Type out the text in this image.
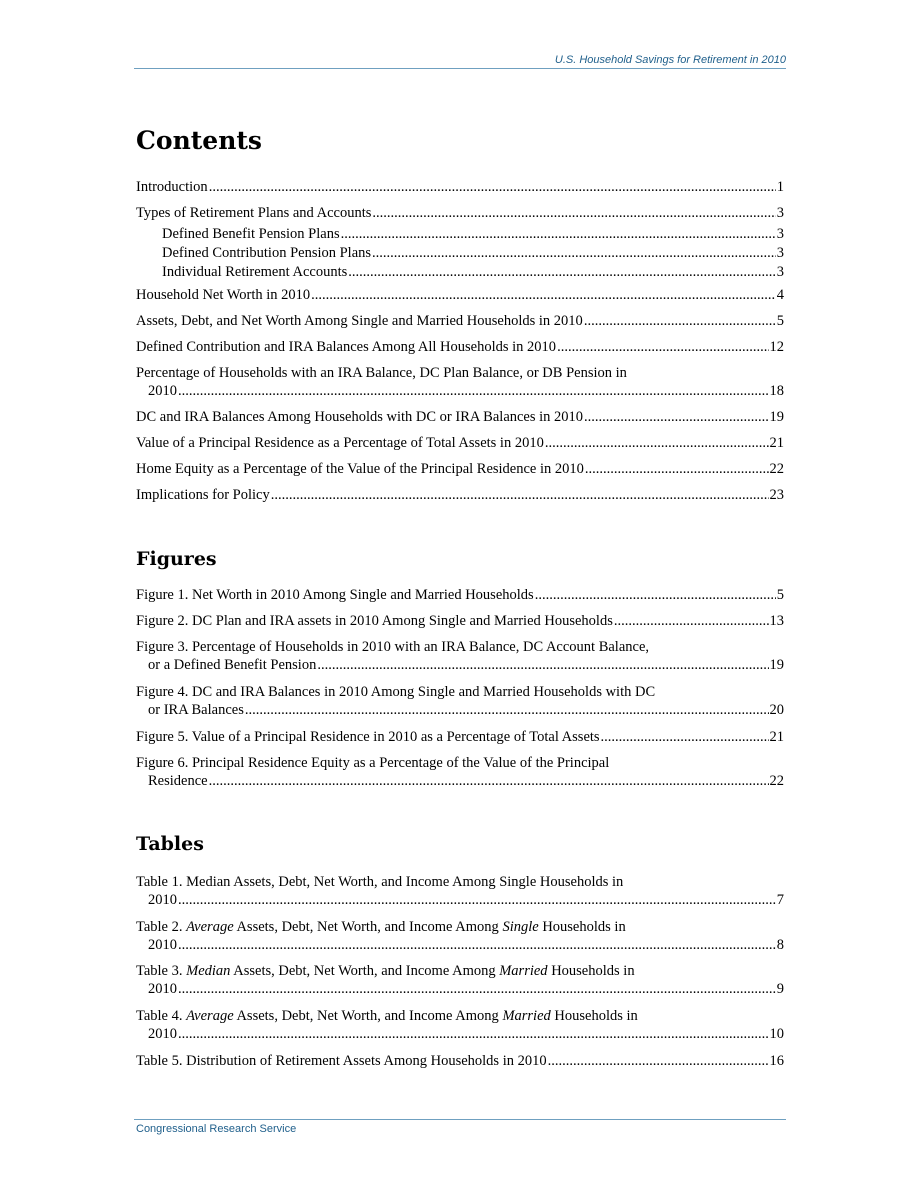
U.S. Household Savings for Retirement in 2010
Contents
Introduction .....	1
Types of Retirement Plans and Accounts .....	3
Defined Benefit Pension Plans .....	3
Defined Contribution Pension Plans .....	3
Individual Retirement Accounts .....	3
Household Net Worth in 2010 .....	4
Assets, Debt, and Net Worth Among Single and Married Households in 2010 .....	5
Defined Contribution and IRA Balances Among All Households in 2010 .....	12
Percentage of Households with an IRA Balance, DC Plan Balance, or DB Pension in
2010 .....	18
DC and IRA Balances Among Households with DC or IRA Balances in 2010 .....	19
Value of a Principal Residence as a Percentage of Total Assets in 2010 .....	21
Home Equity as a Percentage of the Value of the Principal Residence in 2010 .....	22
Implications for Policy .....	23
Figures
Figure 1. Net Worth in 2010 Among Single and Married Households .....	5
Figure 2. DC Plan and IRA assets in 2010 Among Single and Married Households .....	13
Figure 3. Percentage of Households in 2010 with an IRA Balance, DC Account Balance,
or a Defined Benefit Pension .....	19
Figure 4. DC and IRA Balances in 2010 Among Single and Married Households with DC
or IRA Balances .....	20
Figure 5. Value of a Principal Residence in 2010 as a Percentage of Total Assets .....	21
Figure 6. Principal Residence Equity as a Percentage of the Value of the Principal
Residence .....	22
Tables
Table 1. Median Assets, Debt, Net Worth, and Income Among Single Households in
2010 .....	7
Table 2. Average Assets, Debt, Net Worth, and Income Among Single Households in
2010 .....	8
Table 3. Median Assets, Debt, Net Worth, and Income Among Married Households in
2010 .....	9
Table 4. Average Assets, Debt, Net Worth, and Income Among Married Households in
2010 .....	10
Table 5. Distribution of Retirement Assets Among Households in 2010 .....	16
Congressional Research Service
